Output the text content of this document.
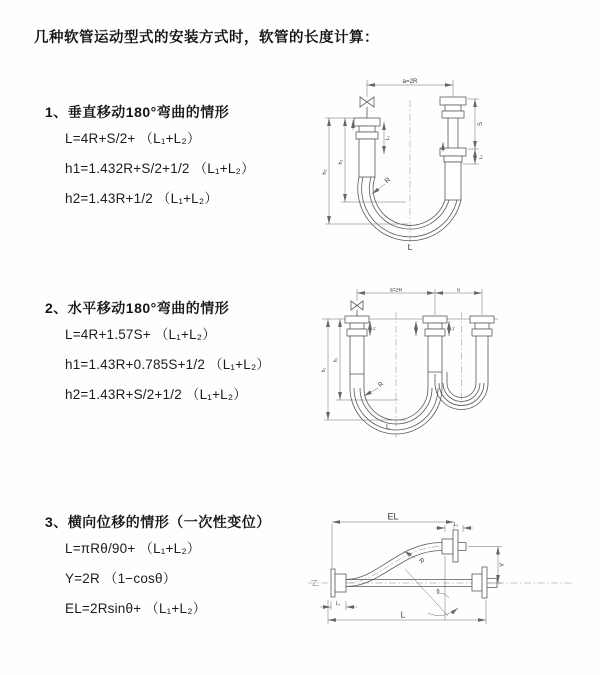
几种软管运动型式的安装方式时，软管的长度计算：
1、垂直移动180°弯曲的情形
L=4R+S/2+ （L₁+L₂）
h1=1.432R+S/2+1/2 （L₁+L₂）
h2=1.43R+1/2 （L₁+L₂）
a=2R
h₁
h₂
L₁
S
L₂
R
L
2、水平移动180°弯曲的情形
L=4R+1.57S+ （L₁+L₂）
h1=1.43R+0.785S+1/2 （L₁+L₂）
h2=1.43R+S/2+1/2 （L₁+L₂）
a=2R	S
h₁
h₂
L₁	L₂
R
L
3、横向位移的情形（一次性变位）
L=πRθ/90+ （L₁+L₂）
Y=2R （1−cosθ）
EL=2Rsinθ+ （L₁+L₂）
EL
L₂
Y
R
θ
L₁
L
